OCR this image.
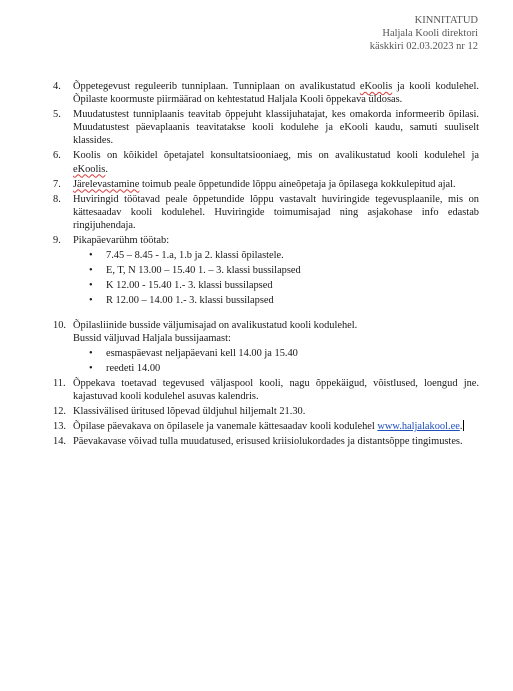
KINNITATUD
Haljala Kooli direktori
käskkiri 02.03.2023 nr 12
4. Õppetegevust reguleerib tunniplaan. Tunniplaan on avalikustatud eKoolis ja kooli kodulehel. Õpilaste koormuste piirmäärad on kehtestatud Haljala Kooli õppekava üldosas.

5. Muudatustest tunniplaanis teavitab õppejuht klassijuhatajat, kes omakorda informeerib õpilasi. Muudatustest päevaplaanis teavitatakse kooli kodulehe ja eKooli kaudu, samuti suuliselt klassides.

6. Koolis on kõikidel õpetajatel konsultatsiooniaeg, mis on avalikustatud kooli kodulehel ja eKoolis.

7. Järelevastamine toimub peale õppetundide lõppu aineõpetaja ja õpilasega kokkulepitud ajal.

8. Huviringid töötavad peale õppetundide lõppu vastavalt huviringide tegevusplaanile, mis on kättesaadav kooli kodulehel. Huviringide toimumisajad ning asjakohase info edastab ringijuhendaja.

9. Pikapäevarühm töötab:

• 7.45 – 8.45 - 1.a, 1.b ja 2. klassi õpilastele.
• E, T, N 13.00 – 15.40 1. – 3. klassi bussilapsed
• K 12.00 - 15.40 1.- 3. klassi bussilapsed
• R 12.00 – 14.00 1.- 3. klassi bussilapsed
10. Õpilasliinide busside väljumisajad on avalikustatud kooli kodulehel.

Bussid väljuvad Haljala bussijaamast:

• esmaspäevast neljapäevani kell 14.00 ja 15.40
• reedeti 14.00
11. Õppekava toetavad tegevused väljaspool kooli, nagu õppekäigud, võistlused, loengud jne. kajastuvad kooli kodulehel asuvas kalendris.

12. Klassivälised üritused lõpevad üldjuhul hiljemalt 21.30.

13. Õpilase päevakava on õpilasele ja vanemale kättesaadav kooli kodulehel www.haljalakool.ee.

14. Päevakavase võivad tulla muudatused, erisused kriisiolukordades ja distantsõppe tingimustes.
